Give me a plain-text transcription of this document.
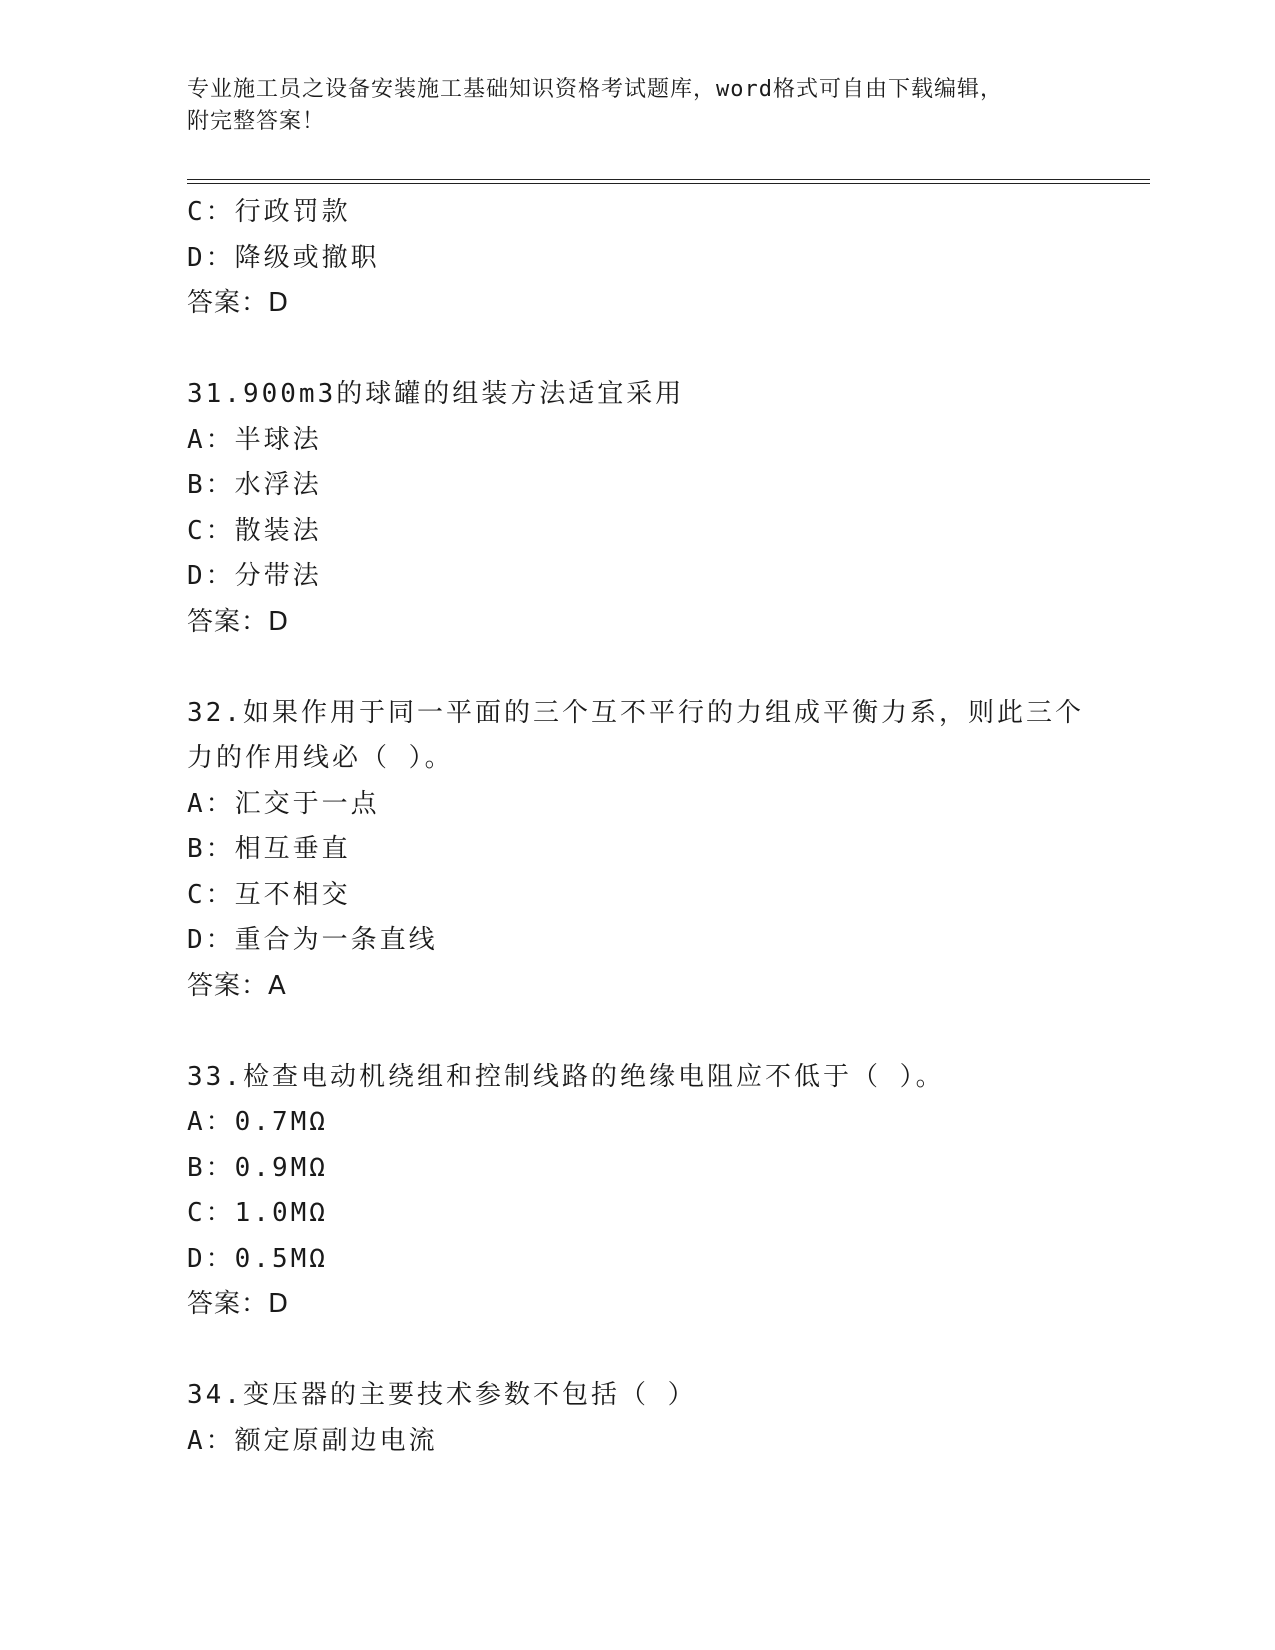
专业施工员之设备安装施工基础知识资格考试题库，word格式可自由下载编辑，
附完整答案！
C：行政罚款
D：降级或撤职
答案：D
31.900m3的球罐的组装方法适宜采用
A：半球法
B：水浮法
C：散装法
D：分带法
答案：D
32.如果作用于同一平面的三个互不平行的力组成平衡力系，则此三个
力的作用线必（ ）。
A：汇交于一点
B：相互垂直
C：互不相交
D：重合为一条直线
答案：A
33.检查电动机绕组和控制线路的绝缘电阻应不低于（ ）。
A：0.7MΩ
B：0.9MΩ
C：1.0MΩ
D：0.5MΩ
答案：D
34.变压器的主要技术参数不包括（ ）
A：额定原副边电流
